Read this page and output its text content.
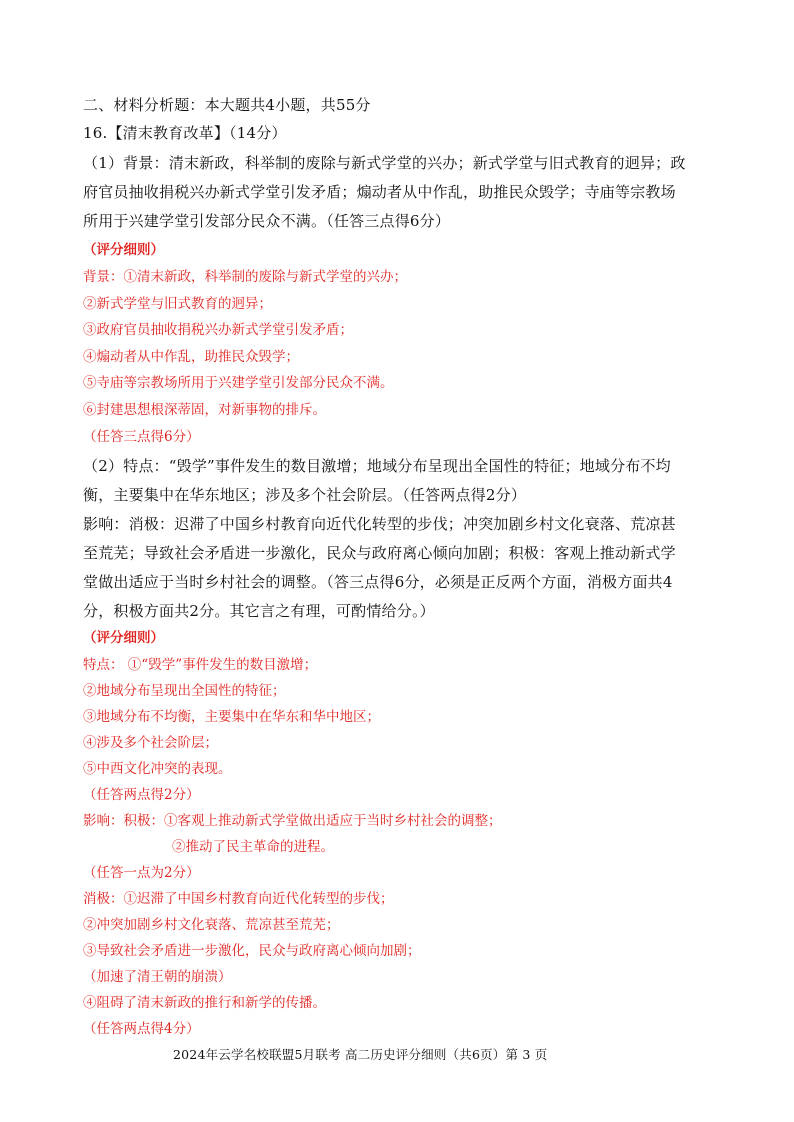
二、材料分析题：本大题共4小题，共55分
16.【清末教育改革】（14分）
（1）背景：清末新政，科举制的废除与新式学堂的兴办；新式学堂与旧式教育的迥异；政
府官员抽收捐税兴办新式学堂引发矛盾；煽动者从中作乱，助推民众毁学；寺庙等宗教场
所用于兴建学堂引发部分民众不满。（任答三点得6分）
（评分细则）
背景：①清末新政，科举制的废除与新式学堂的兴办；
②新式学堂与旧式教育的迥异；
③政府官员抽收捐税兴办新式学堂引发矛盾；
④煽动者从中作乱，助推民众毁学；
⑤寺庙等宗教场所用于兴建学堂引发部分民众不满。
⑥封建思想根深蒂固，对新事物的排斥。
（任答三点得6分）
（2）特点：“毁学”事件发生的数目激增；地域分布呈现出全国性的特征；地域分布不均
衡，主要集中在华东地区；涉及多个社会阶层。（任答两点得2分）
影响：消极：迟滞了中国乡村教育向近代化转型的步伐；冲突加剧乡村文化衰落、荒凉甚
至荒芜；导致社会矛盾进一步激化，民众与政府离心倾向加剧；积极：客观上推动新式学
堂做出适应于当时乡村社会的调整。（答三点得6分，必须是正反两个方面，消极方面共4
分，积极方面共2分。其它言之有理，可酌情给分。）
（评分细则）
特点： ①“毁学”事件发生的数目激增；
②地域分布呈现出全国性的特征；
③地域分布不均衡，主要集中在华东和华中地区；
④涉及多个社会阶层；
⑤中西文化冲突的表现。
（任答两点得2分）
影响：积极：①客观上推动新式学堂做出适应于当时乡村社会的调整；
②推动了民主革命的进程。
（任答一点为2分）
消极：①迟滞了中国乡村教育向近代化转型的步伐；
②冲突加剧乡村文化衰落、荒凉甚至荒芜；
③导致社会矛盾进一步激化，民众与政府离心倾向加剧；
（加速了清王朝的崩溃）
④阻碍了清末新政的推行和新学的传播。
（任答两点得4分）
2024年云学名校联盟5月联考 高二历史评分细则（共6页）第 3 页
